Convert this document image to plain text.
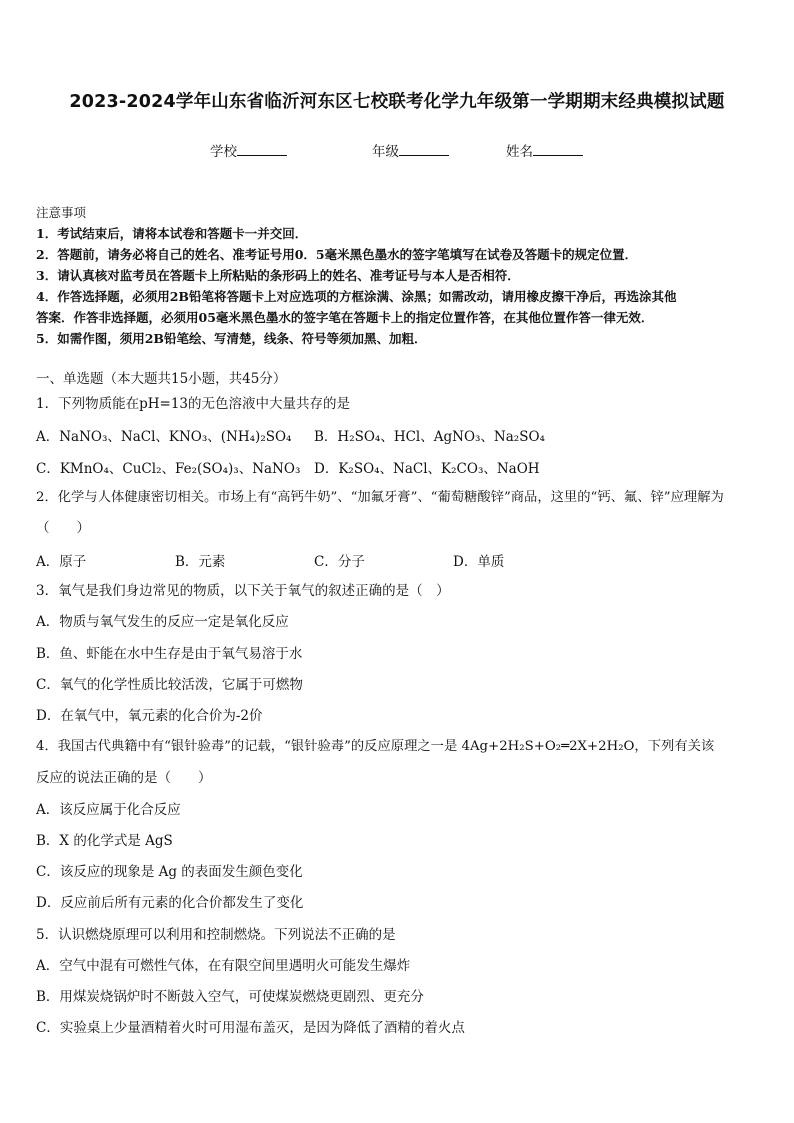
2023-2024学年山东省临沂河东区七校联考化学九年级第一学期期末经典模拟试题
学校	年级	姓名

注意事项

1．考试结束后，请将本试卷和答题卡一并交回．

2．答题前，请务必将自己的姓名、准考证号用0．5毫米黑色墨水的签字笔填写在试卷及答题卡的规定位置．

3．请认真核对监考员在答题卡上所粘贴的条形码上的姓名、准考证号与本人是否相符．

4．作答选择题，必须用2B铅笔将答题卡上对应选项的方框涂满、涂黑；如需改动，请用橡皮擦干净后，再选涂其他

答案．作答非选择题，必须用05毫米黑色墨水的签字笔在答题卡上的指定位置作答，在其他位置作答一律无效．

5．如需作图，须用2B铅笔绘、写清楚，线条、符号等须加黑、加粗．

一、单选题（本大题共15小题，共45分）
1．下列物质能在pH=13的无色溶液中大量共存的是
A．NaNO₃、NaCl、KNO₃、(NH₄)₂SO₄ B．H₂SO₄、HCl、AgNO₃、Na₂SO₄
C．KMnO₄、CuCl₂、Fe₂(SO₄)₃、NaNO₃ D．K₂SO₄、NaCl、K₂CO₃、NaOH
2．化学与人体健康密切相关。市场上有“高钙牛奶”、“加氟牙膏”、“葡萄糖酸锌”商品，这里的“钙、氟、锌”应理解为
（　　）
A．原子	B．元素	C．分子	D．单质
3．氧气是我们身边常见的物质，以下关于氧气的叙述正确的是（　）
A．物质与氧气发生的反应一定是氧化反应
B．鱼、虾能在水中生存是由于氧气易溶于水
C．氧气的化学性质比较活泼，它属于可燃物
D．在氧气中，氧元素的化合价为-2价
4．我国古代典籍中有“银针验毒”的记载，“银针验毒”的反应原理之一是 4Ag+2H₂S+O₂═2X+2H₂O，下列有关该
反应的说法正确的是（　　）
A．该反应属于化合反应
B．X 的化学式是 AgS
C．该反应的现象是 Ag 的表面发生颜色变化
D．反应前后所有元素的化合价都发生了变化
5．认识燃烧原理可以利用和控制燃烧。下列说法不正确的是
A．空气中混有可燃性气体，在有限空间里遇明火可能发生爆炸
B．用煤炭烧锅炉时不断鼓入空气，可使煤炭燃烧更剧烈、更充分
C．实验桌上少量酒精着火时可用湿布盖灭，是因为降低了酒精的着火点
